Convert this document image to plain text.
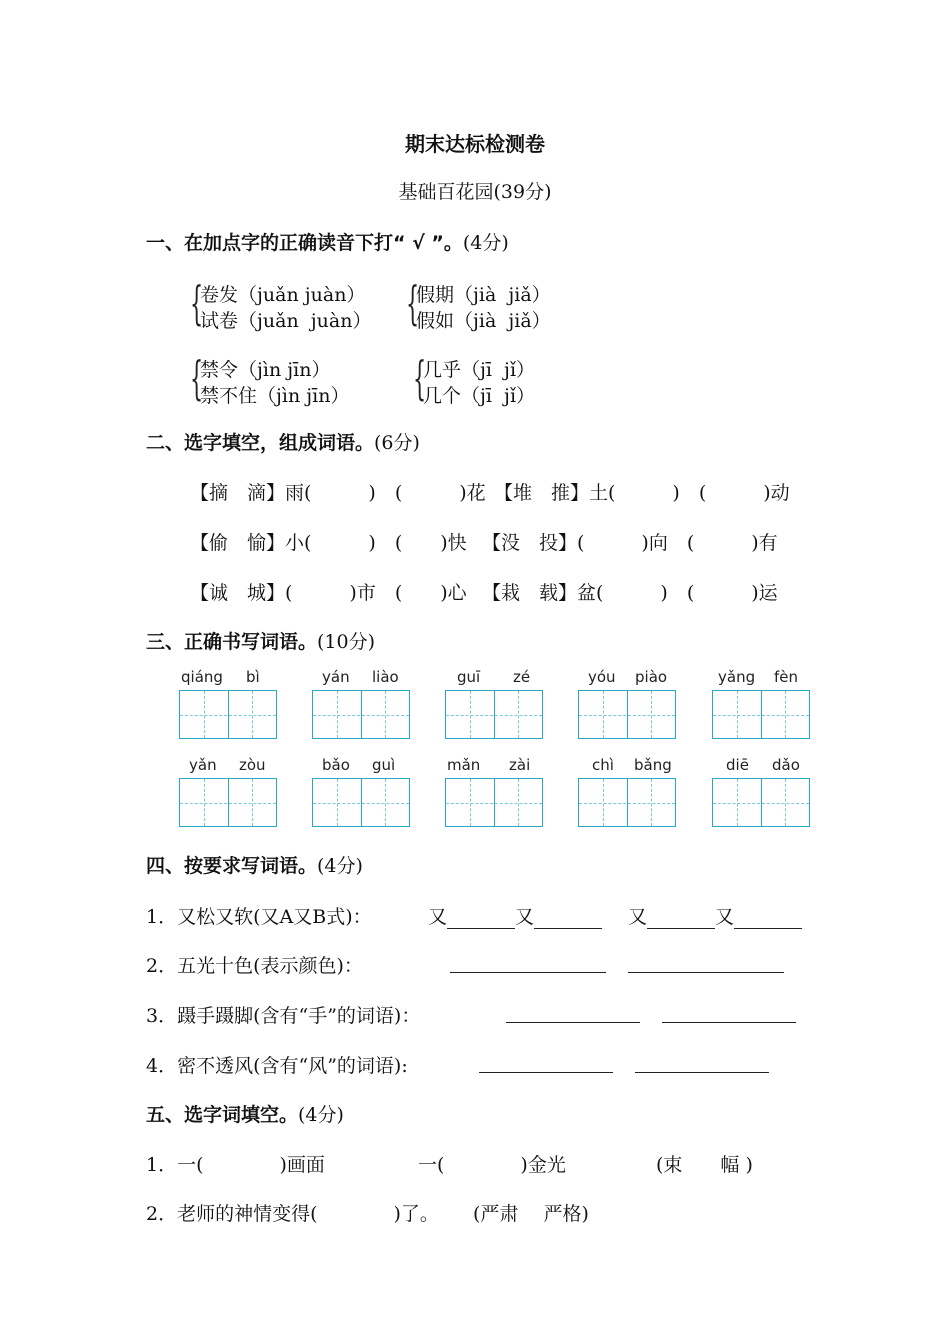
期末达标检测卷
基础百花园(39分)
一、在加点字的正确读音下打“ √ ”。(4分)
{
卷发（juǎn juàn）
试卷（juǎn  juàn） {
假期（jià  jiǎ）
假如（jià  jiǎ）
{
禁令（jìn jīn）
禁不住（jìn jīn） {
几乎（jī  jǐ）
几个（jī  jǐ）
二、选字填空，组成词语。(6分)
【摘　滴】雨(　　　)　(　　　)花 【堆　推】土(　　　)　(　　　)动
【偷　愉】小(　　　)　(　　)快 【没　投】(　　　)向　(　　　)有
【诚　城】(　　　)市　(　　)心 【栽　载】盆(　　　)　(　　　)运
三、正确书写词语。(10分)
qiáng bì	yán liào	guī zé	yóu piào	yǎng fèn
yǎn zòu	bǎo guì	mǎn zài	chì bǎng	diē dǎo
四、按要求写词语。(4分)
1．又松又软(又A又B式)：	又	又	又	又
2．五光十色(表示颜色)：
3．蹑手蹑脚(含有“手”的词语)：
4．密不透风(含有“风”的词语):
五、选字词填空。(4分)
1．一(　　　　)画面	一(　　　　)金光	(束　　幅 )
2．老师的神情变得(　　　　)了。 (严肃　 严格)
